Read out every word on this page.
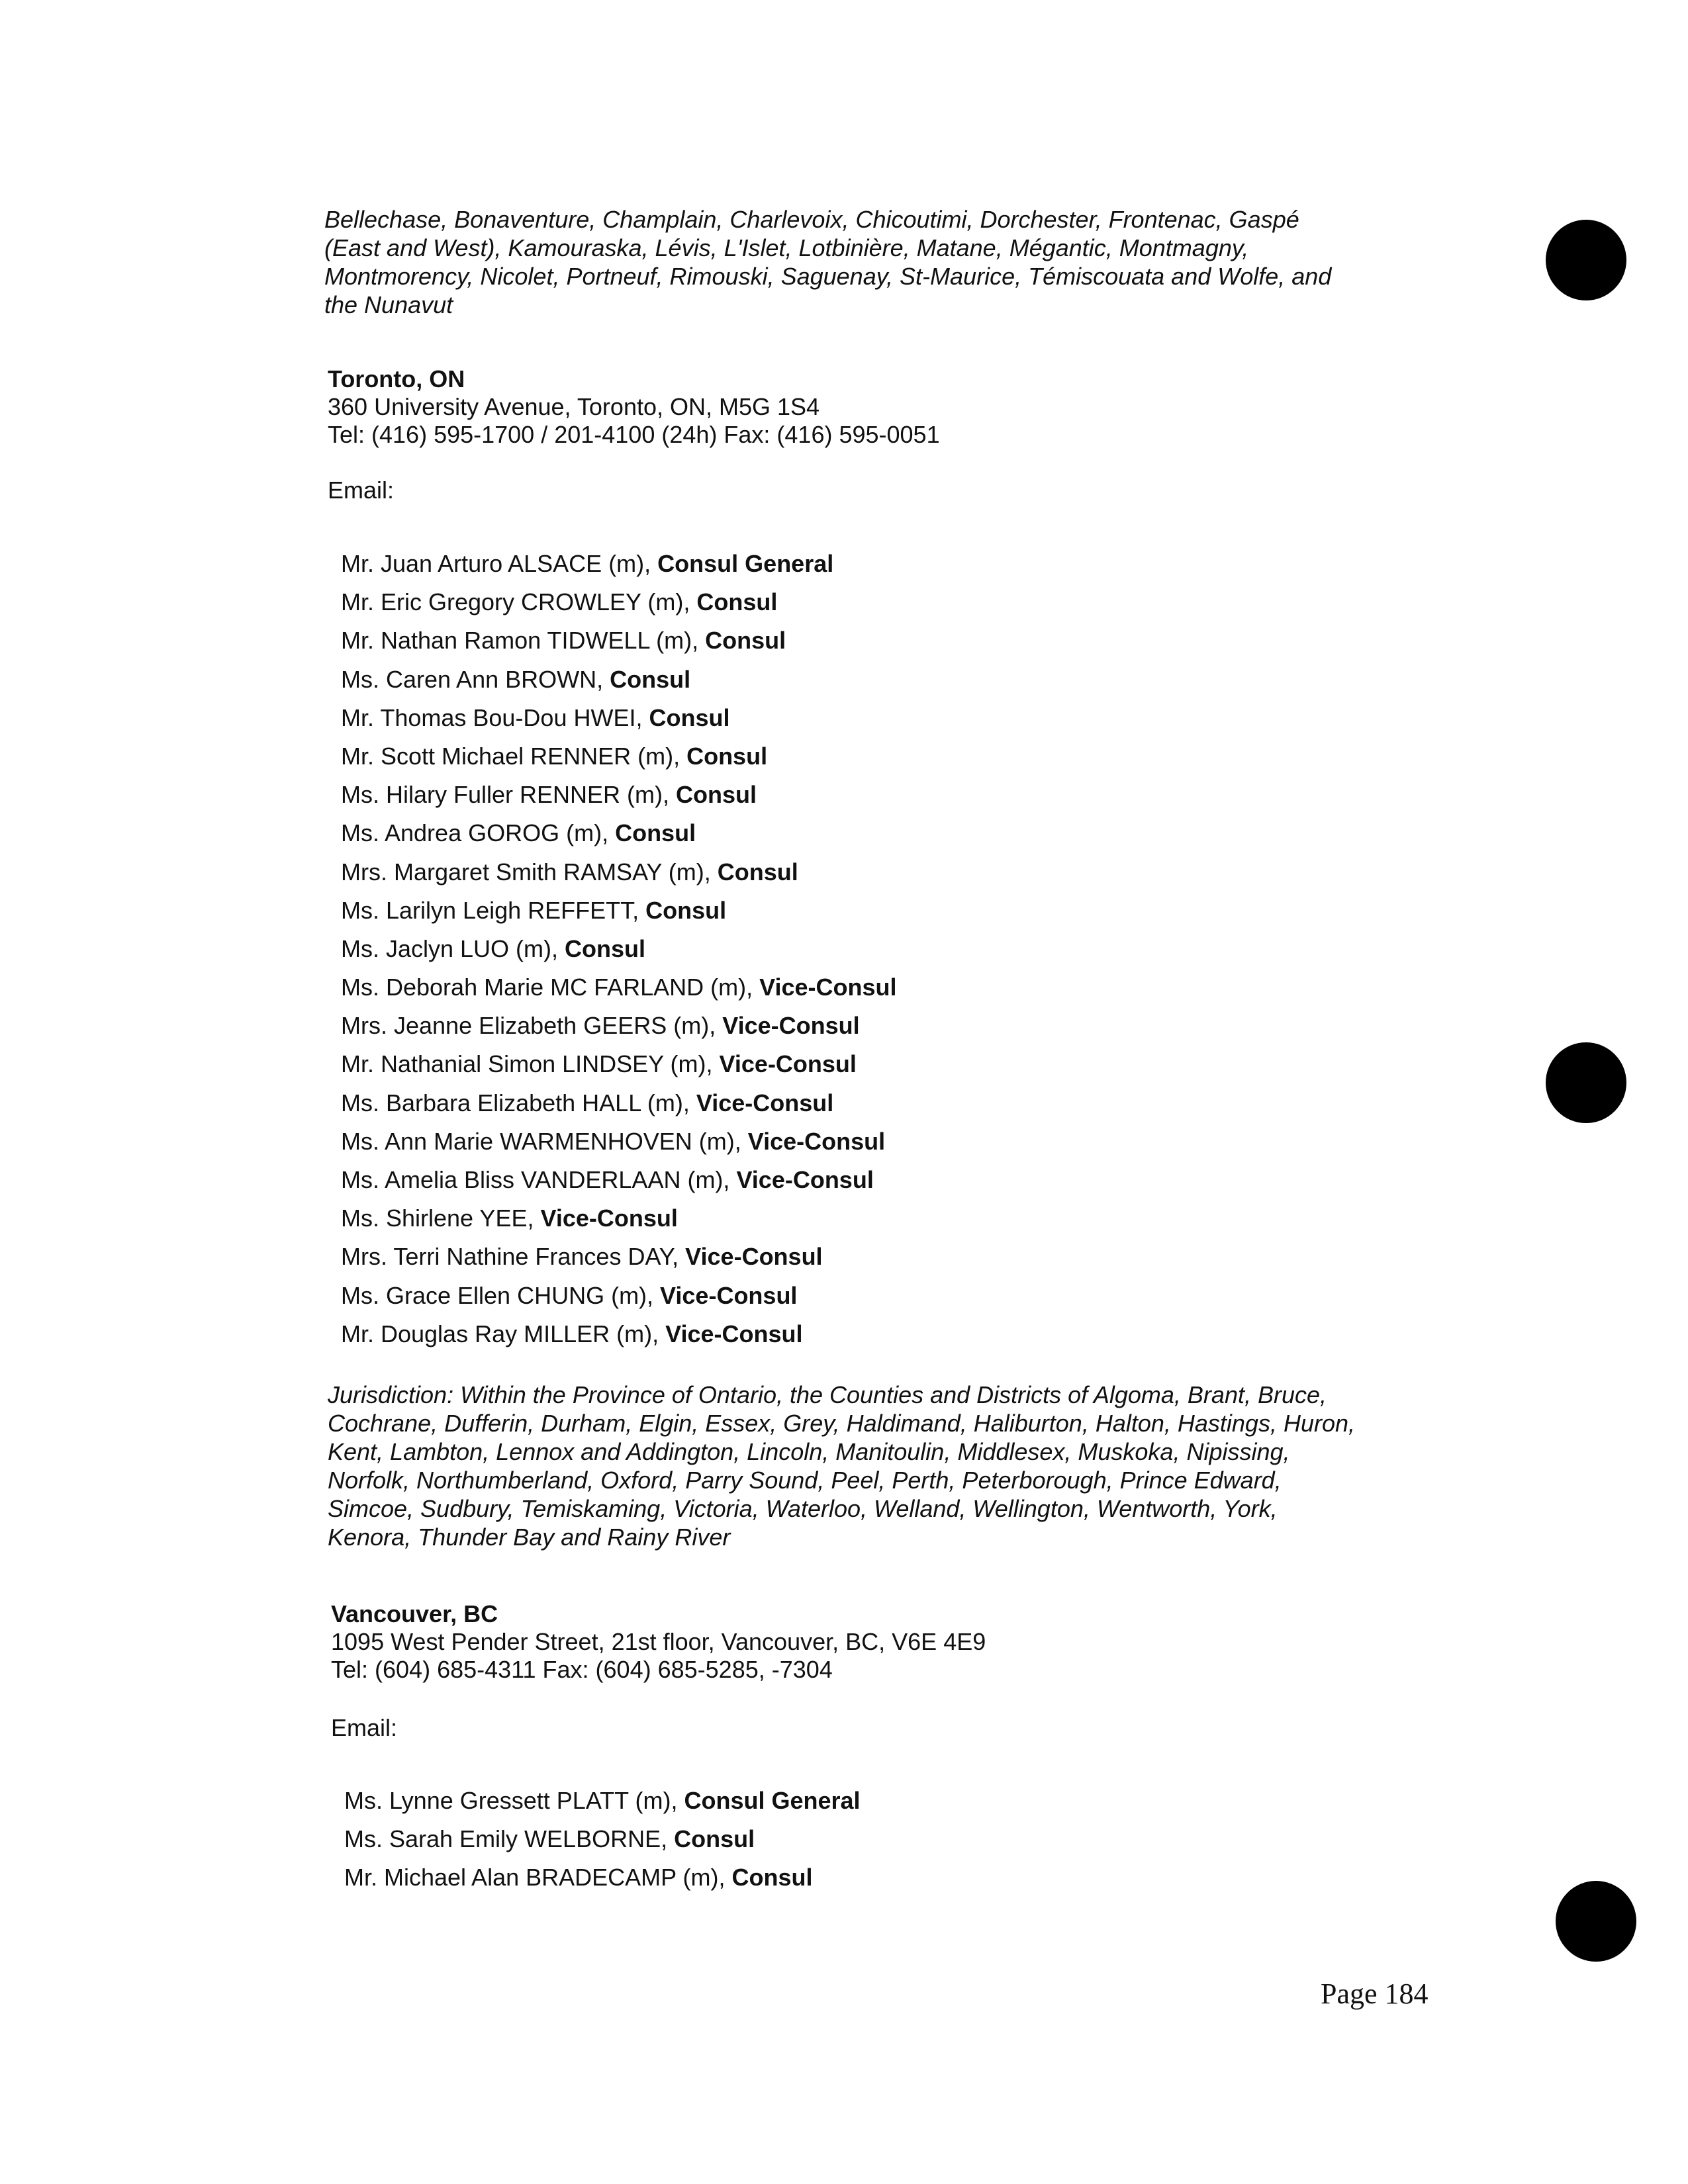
Bellechase, Bonaventure, Champlain, Charlevoix, Chicoutimi, Dorchester, Frontenac, Gaspé
(East and West), Kamouraska, Lévis, L'Islet, Lotbinière, Matane, Mégantic, Montmagny,
Montmorency, Nicolet, Portneuf, Rimouski, Saguenay, St-Maurice, Témiscouata and Wolfe, and
the Nunavut
Toronto, ON
360 University Avenue, Toronto, ON, M5G 1S4
Tel: (416) 595-1700 / 201-4100 (24h) Fax: (416) 595-0051
Email:
Mr. Juan Arturo ALSACE (m), Consul General
Mr. Eric Gregory CROWLEY (m), Consul
Mr. Nathan Ramon TIDWELL (m), Consul
Ms. Caren Ann BROWN, Consul
Mr. Thomas Bou-Dou HWEI, Consul
Mr. Scott Michael RENNER (m), Consul
Ms. Hilary Fuller RENNER (m), Consul
Ms. Andrea GOROG (m), Consul
Mrs. Margaret Smith RAMSAY (m), Consul
Ms. Larilyn Leigh REFFETT, Consul
Ms. Jaclyn LUO (m), Consul
Ms. Deborah Marie MC FARLAND (m), Vice-Consul
Mrs. Jeanne Elizabeth GEERS (m), Vice-Consul
Mr. Nathanial Simon LINDSEY (m), Vice-Consul
Ms. Barbara Elizabeth HALL (m), Vice-Consul
Ms. Ann Marie WARMENHOVEN (m), Vice-Consul
Ms. Amelia Bliss VANDERLAAN (m), Vice-Consul
Ms. Shirlene YEE, Vice-Consul
Mrs. Terri Nathine Frances DAY, Vice-Consul
Ms. Grace Ellen CHUNG (m), Vice-Consul
Mr. Douglas Ray MILLER (m), Vice-Consul
Jurisdiction: Within the Province of Ontario, the Counties and Districts of Algoma, Brant, Bruce,
Cochrane, Dufferin, Durham, Elgin, Essex, Grey, Haldimand, Haliburton, Halton, Hastings, Huron,
Kent, Lambton, Lennox and Addington, Lincoln, Manitoulin, Middlesex, Muskoka, Nipissing,
Norfolk, Northumberland, Oxford, Parry Sound, Peel, Perth, Peterborough, Prince Edward,
Simcoe, Sudbury, Temiskaming, Victoria, Waterloo, Welland, Wellington, Wentworth, York,
Kenora, Thunder Bay and Rainy River
Vancouver, BC
1095 West Pender Street, 21st floor, Vancouver, BC, V6E 4E9
Tel: (604) 685-4311 Fax: (604) 685-5285, -7304
Email:
Ms. Lynne Gressett PLATT (m), Consul General
Ms. Sarah Emily WELBORNE, Consul
Mr. Michael Alan BRADECAMP (m), Consul
Page 184
